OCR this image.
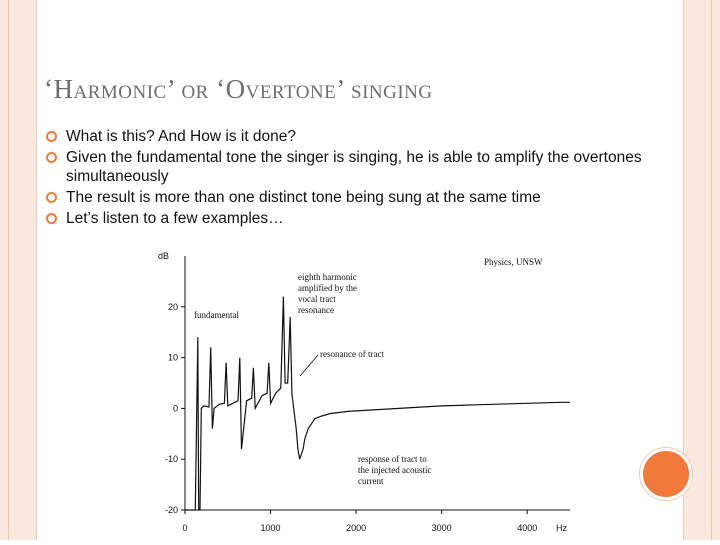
‘Harmonic’ or ‘Overtone’ singing
What is this? And How is it done?
Given the fundamental tone the singer is singing, he is able to amplify the overtones simultaneously
The result is more than one distinct tone being sung at the same time
Let’s listen to a few examples…
Physics, UNSW
dB
Hz
20
10
0
-10
-20
0	1000	2000	3000	4000
fundamental
eighth harmonic
amplified by the
vocal tract
resonance
resonance of tract
response of tract to
the injected acoustic
current
